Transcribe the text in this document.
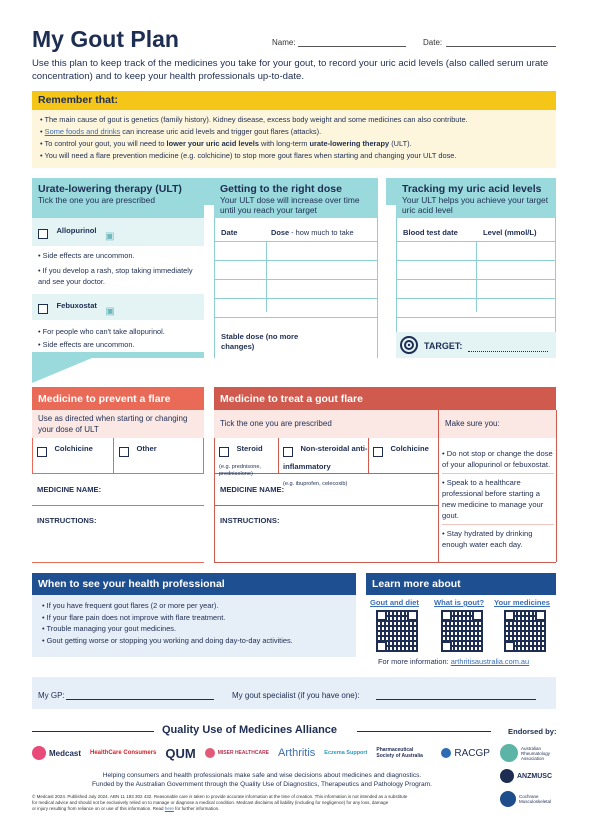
My Gout Plan	Name:	Date:
Use this plan to keep track of the medicines you take for your gout, to record your uric acid levels (also called serum urate concentration) and to keep your health professionals up-to-date.
Remember that:
• The main cause of gout is genetics (family history). Kidney disease, excess body weight and some medicines can also contribute.
• Some foods and drinks can increase uric acid levels and trigger gout flares (attacks).
• To control your gout, you will need to lower your uric acid levels with long-term urate-lowering therapy (ULT).
• You will need a flare prevention medicine (e.g. colchicine) to stop more gout flares when starting and changing your ULT dose.
Urate-lowering therapy (ULT)
Tick the one you are prescribed
$^{Allopurinol}$ ▣
• Side effects are uncommon.
• If you develop a rash, stop taking immediately and see your doctor.
$^{Febuxostat}$ ▣
• For people who can't take allopurinol.
• Side effects are uncommon.
Getting to the right dose
Your ULT dose will increase over time until you reach your target
Date	Dose - how much to take
Stable dose (no more changes)
Tracking my uric acid levels
Your ULT helps you achieve your target uric acid level
Blood test date	Level (mmol/L)
TARGET:
Medicine to prevent a flare
Use as directed when starting or changing your dose of ULT
$^{Colchicine}$	$^{Other}$
MEDICINE NAME:
INSTRUCTIONS:
Medicine to treat a gout flare
Tick the one you are prescribed	Make sure you:
$^{Steroid}$
(e.g. prednisone, prednisolone)
$^{Non-steroidal anti-inflammatory}$
(e.g. ibuprofen, celecoxib)
$^{Colchicine}$
MEDICINE NAME:
INSTRUCTIONS:
• Do not stop or change the dose of your allopurinol or febuxostat.
• Speak to a healthcare professional before starting a new medicine to manage your gout.
• Stay hydrated by drinking enough water each day.
When to see your health professional
• If you have frequent gout flares (2 or more per year).
• If your flare pain does not improve with flare treatment.
• Trouble managing your gout medicines.
• Gout getting worse or stopping you working and doing day-to-day activities.
Learn more about
Gout and diet What is gout? Your medicines
For more information: arthritisaustralia.com.au
My GP:	My gout specialist (if you have one):
Quality Use of Medicines Alliance	Endorsed by:
Medcast HealthCare Consumers QUM	MISER HEALTHCARE Arthritis Eczema Support Pharmaceutical Society of Australia	RACGP	Australian Rheumatology Association
ANZMUSC
Cochrane Musculoskeletal
Helping consumers and health professionals make safe and wise decisions about medicines and diagnostics.
Funded by the Australian Government through the Quality Use of Diagnostics, Therapeutics and Pathology Program.
© Medcast 2024. Published July 2024. ABN 11 193 302 432. Reasonable care is taken to provide accurate information at the time of creation. This information is not intended as a substitute
for medical advice and should not be exclusively relied on to manage or diagnose a medical condition. Medcast disclaims all liability (including for negligence) for any loss, damage
or injury resulting from reliance on or use of this information. Read here for further information.
